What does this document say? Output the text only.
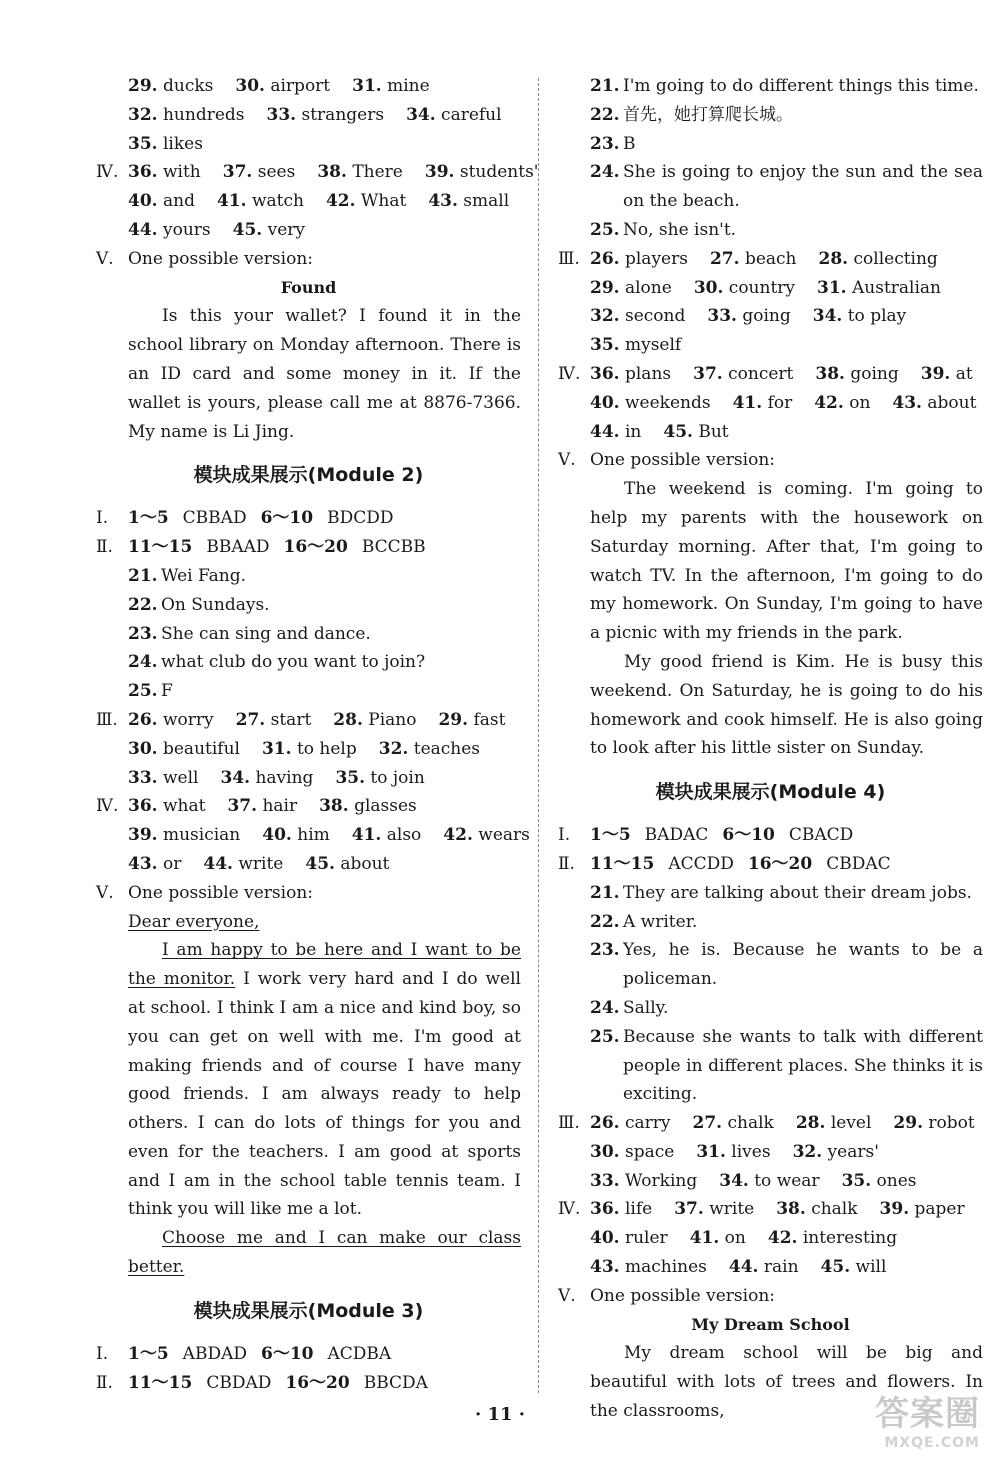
29. ducks 30. airport 31. mine
32. hundreds 33. strangers 34. careful
35. likes
Ⅳ. 36. with 37. sees 38. There 39. students'
40. and 41. watch 42. What 43. small
44. yours 45. very
Ⅴ. One possible version:
Found

Is this your wallet? I found it in the school library on Monday afternoon. There is an ID card and some money in it. If the wallet is yours, please call me at 8876-7366. My name is Li Jing.

模块成果展示(Module 2)
Ⅰ. 1～5 CBBAD 6～10 BDCDD
Ⅱ. 11～15 BBAAD 16～20 BCCBB
21. Wei Fang.
22. On Sundays.
23. She can sing and dance.
24. what club do you want to join?
25. F
Ⅲ. 26. worry 27. start 28. Piano 29. fast
30. beautiful 31. to help 32. teaches
33. well 34. having 35. to join
Ⅳ. 36. what 37. hair 38. glasses
39. musician 40. him 41. also 42. wears
43. or 44. write 45. about
Ⅴ. One possible version:

Dear everyone,

I am happy to be here and I want to be the monitor. I work very hard and I do well at school. I think I am a nice and kind boy, so you can get on well with me. I'm good at making friends and of course I have many good friends. I am always ready to help others. I can do lots of things for you and even for the teachers. I am good at sports and I am in the school table tennis team. I think you will like me a lot.

Choose me and I can make our class better.

模块成果展示(Module 3)
Ⅰ. 1～5 ABDAD 6～10 ACDBA
Ⅱ. 11～15 CBDAD 16～20 BBCDA
21. I'm going to do different things this time.
22. 首先，她打算爬长城。
23. B
24. She is going to enjoy the sun and the sea on the beach.
25. No, she isn't.
Ⅲ. 26. players 27. beach 28. collecting
29. alone 30. country 31. Australian
32. second 33. going 34. to play
35. myself
Ⅳ. 36. plans 37. concert 38. going 39. at
40. weekends 41. for 42. on 43. about
44. in 45. But
Ⅴ. One possible version:

The weekend is coming. I'm going to help my parents with the housework on Saturday morning. After that, I'm going to watch TV. In the afternoon, I'm going to do my homework. On Sunday, I'm going to have a picnic with my friends in the park.

My good friend is Kim. He is busy this weekend. On Saturday, he is going to do his homework and cook himself. He is also going to look after his little sister on Sunday.

模块成果展示(Module 4)
Ⅰ. 1～5 BADAC 6～10 CBACD
Ⅱ. 11～15 ACCDD 16～20 CBDAC
21. They are talking about their dream jobs.
22. A writer.
23. Yes, he is. Because he wants to be a policeman.
24. Sally.
25. Because she wants to talk with different people in different places. She thinks it is exciting.
Ⅲ. 26. carry 27. chalk 28. level 29. robot
30. space 31. lives 32. years'
33. Working 34. to wear 35. ones
Ⅳ. 36. life 37. write 38. chalk 39. paper
40. ruler 41. on 42. interesting
43. machines 44. rain 45. will
Ⅴ. One possible version:
My Dream School

My dream school will be big and beautiful with lots of trees and flowers. In the classrooms,

· 11 ·	答案圈
MXQE.COM
